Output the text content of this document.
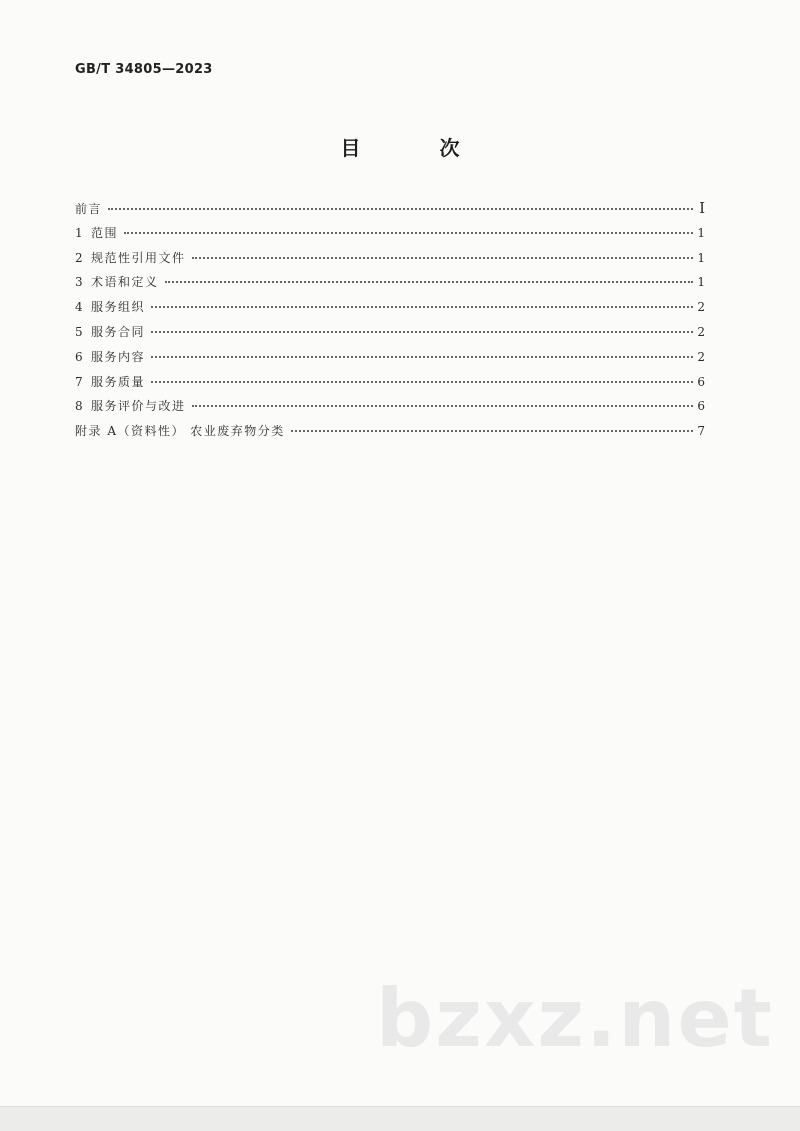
GB/T 34805—2023
目 次
前言	I
1 范围	1
2 规范性引用文件	1
3 术语和定义	1
4 服务组织	2
5 服务合同	2
6 服务内容	2
7 服务质量	6
8 服务评价与改进	6
附录 A（资料性） 农业废弃物分类	7
bzxz.net
